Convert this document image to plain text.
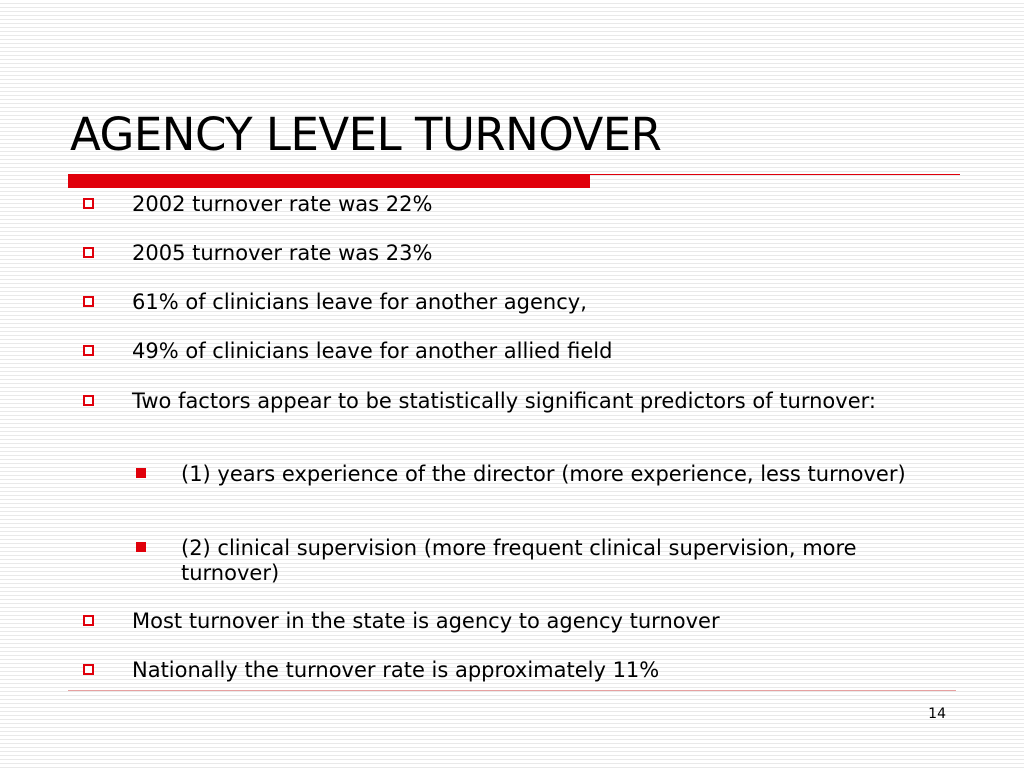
AGENCY LEVEL TURNOVER
2002 turnover rate was 22%
2005 turnover rate was 23%
61% of clinicians leave for another agency,
49% of clinicians leave for another allied field
Two factors appear to be statistically significant predictors of turnover:
(1) years experience of the director (more experience, less turnover)
(2) clinical supervision (more frequent clinical supervision, more turnover)
Most turnover in the state is agency to agency turnover
Nationally the turnover rate is approximately 11%
14
